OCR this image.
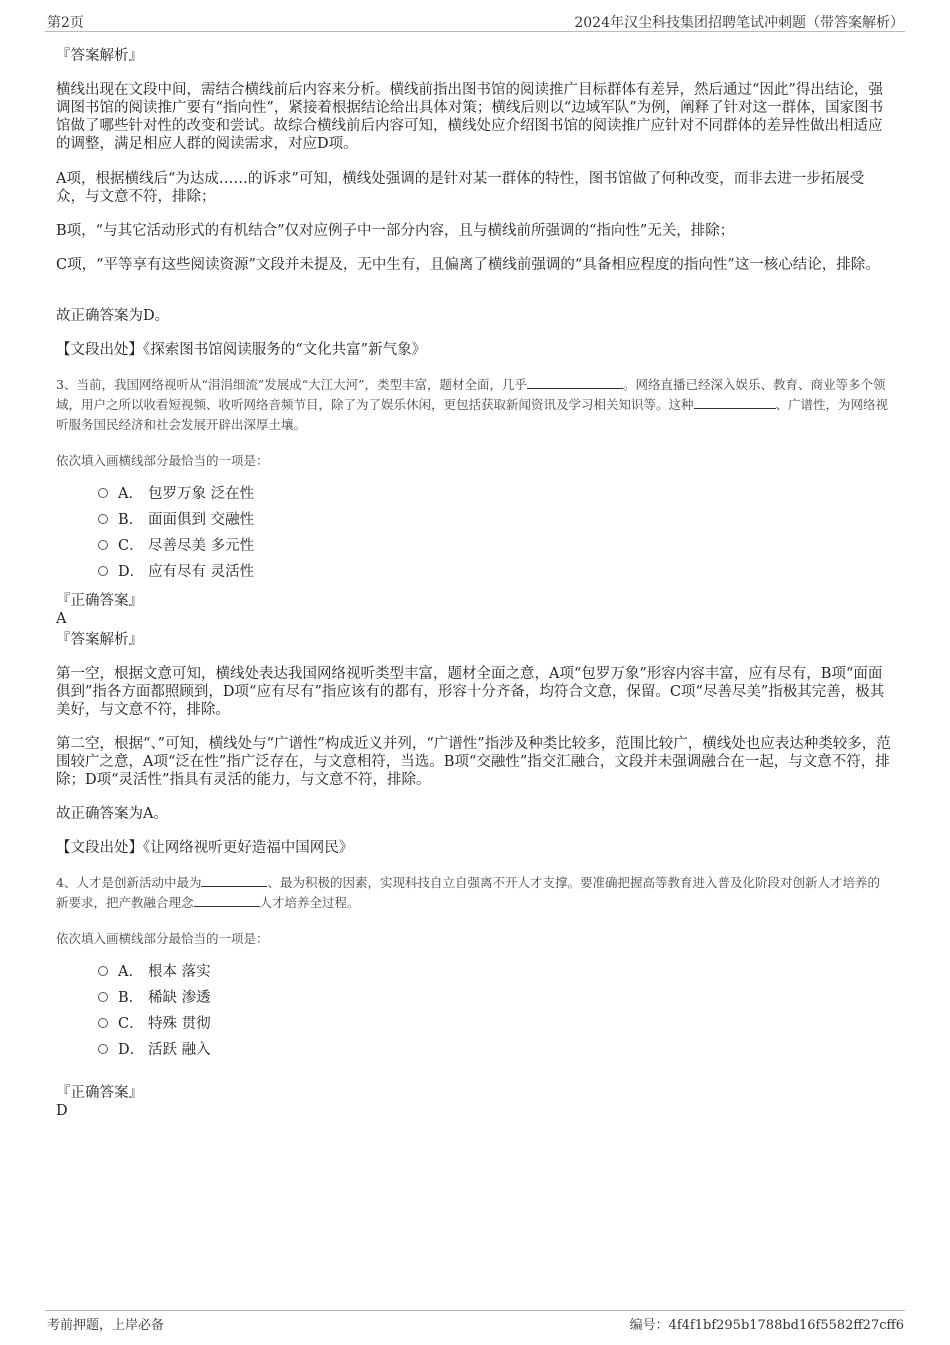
第2页	2024年汉尘科技集团招聘笔试冲刺题（带答案解析）
『答案解析』

横线出现在文段中间，需结合横线前后内容来分析。横线前指出图书馆的阅读推广目标群体有差异，然后通过“因此”得出结论，强调图书馆的阅读推广要有“指向性”，紧接着根据结论给出具体对策；横线后则以“边域军队”为例，阐释了针对这一群体，国家图书馆做了哪些针对性的改变和尝试。故综合横线前后内容可知，横线处应介绍图书馆的阅读推广应针对不同群体的差异性做出相适应的调整，满足相应人群的阅读需求，对应D项。

A项，根据横线后“为达成……的诉求”可知，横线处强调的是针对某一群体的特性，图书馆做了何种改变，而非去进一步拓展受众，与文意不符，排除；

B项，“与其它活动形式的有机结合”仅对应例子中一部分内容，且与横线前所强调的“指向性”无关，排除；

C项，“平等享有这些阅读资源”文段并未提及，无中生有，且偏离了横线前强调的“具备相应程度的指向性”这一核心结论，排除。

故正确答案为D。

【文段出处】《探索图书馆阅读服务的“文化共富”新气象》

3、当前，我国网络视听从“涓涓细流”发展成“大江大河”，类型丰富，题材全面，几乎	。网络直播已经深入娱乐、教育、商业等多个领域，用户之所以收看短视频、收听网络音频节目，除了为了娱乐休闲，更包括获取新闻资讯及学习相关知识等。这种	、广谱性，为网络视听服务国民经济和社会发展开辟出深厚土壤。

依次填入画横线部分最恰当的一项是：
A． 包罗万象 泛在性
B． 面面俱到 交融性
C． 尽善尽美 多元性
D． 应有尽有 灵活性
『正确答案』
A
『答案解析』

第一空，根据文意可知，横线处表达我国网络视听类型丰富，题材全面之意，A项“包罗万象”形容内容丰富，应有尽有，B项“面面俱到”指各方面都照顾到，D项“应有尽有”指应该有的都有，形容十分齐备，均符合文意，保留。C项“尽善尽美”指极其完善，极其美好，与文意不符，排除。

第二空，根据“、”可知，横线处与“广谱性”构成近义并列，“广谱性”指涉及种类比较多，范围比较广，横线处也应表达种类较多，范围较广之意，A项“泛在性”指广泛存在，与文意相符，当选。B项“交融性”指交汇融合，文段并未强调融合在一起，与文意不符，排除；D项“灵活性”指具有灵活的能力，与文意不符，排除。

故正确答案为A。

【文段出处】《让网络视听更好造福中国网民》

4、人才是创新活动中最为	、最为积极的因素，实现科技自立自强离不开人才支撑。要准确把握高等教育进入普及化阶段对创新人才培养的新要求，把产教融合理念	人才培养全过程。

依次填入画横线部分最恰当的一项是：
A． 根本 落实
B． 稀缺 渗透
C． 特殊 贯彻
D． 活跃 融入
『正确答案』
D
考前押题，上岸必备	编号：4f4f1bf295b1788bd16f5582ff27cff6
